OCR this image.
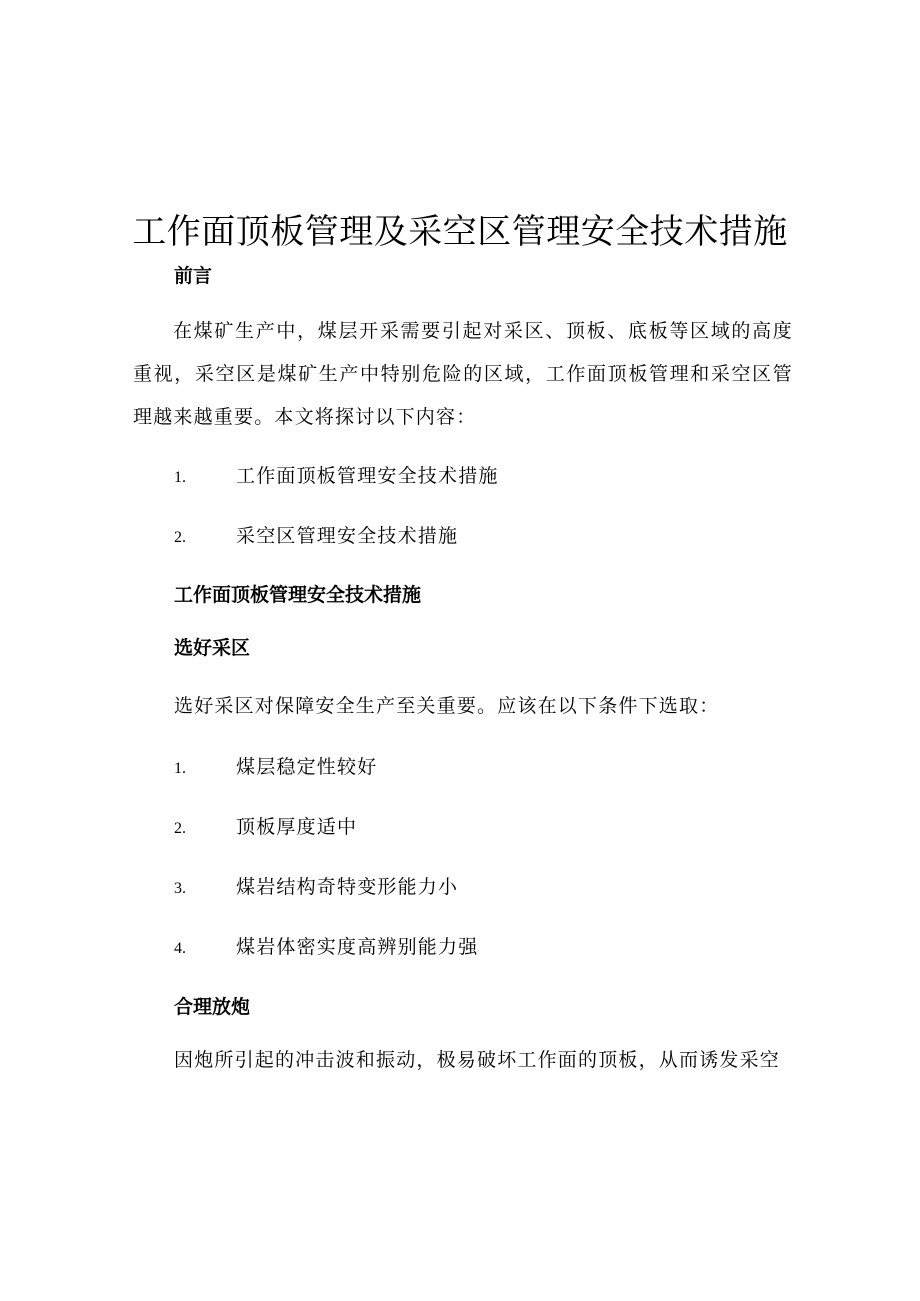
工作面顶板管理及采空区管理安全技术措施
前言

在煤矿生产中，煤层开采需要引起对采区、顶板、底板等区域的高度重视，采空区是煤矿生产中特别危险的区域，工作面顶板管理和采空区管理越来越重要。本文将探讨以下内容：

1.	工作面顶板管理安全技术措施
2.	采空区管理安全技术措施
工作面顶板管理安全技术措施
选好采区
选好采区对保障安全生产至关重要。应该在以下条件下选取：
1.	煤层稳定性较好
2.	顶板厚度适中
3.	煤岩结构奇特变形能力小
4.	煤岩体密实度高辨别能力强
合理放炮
因炮所引起的冲击波和振动，极易破坏工作面的顶板，从而诱发采空
